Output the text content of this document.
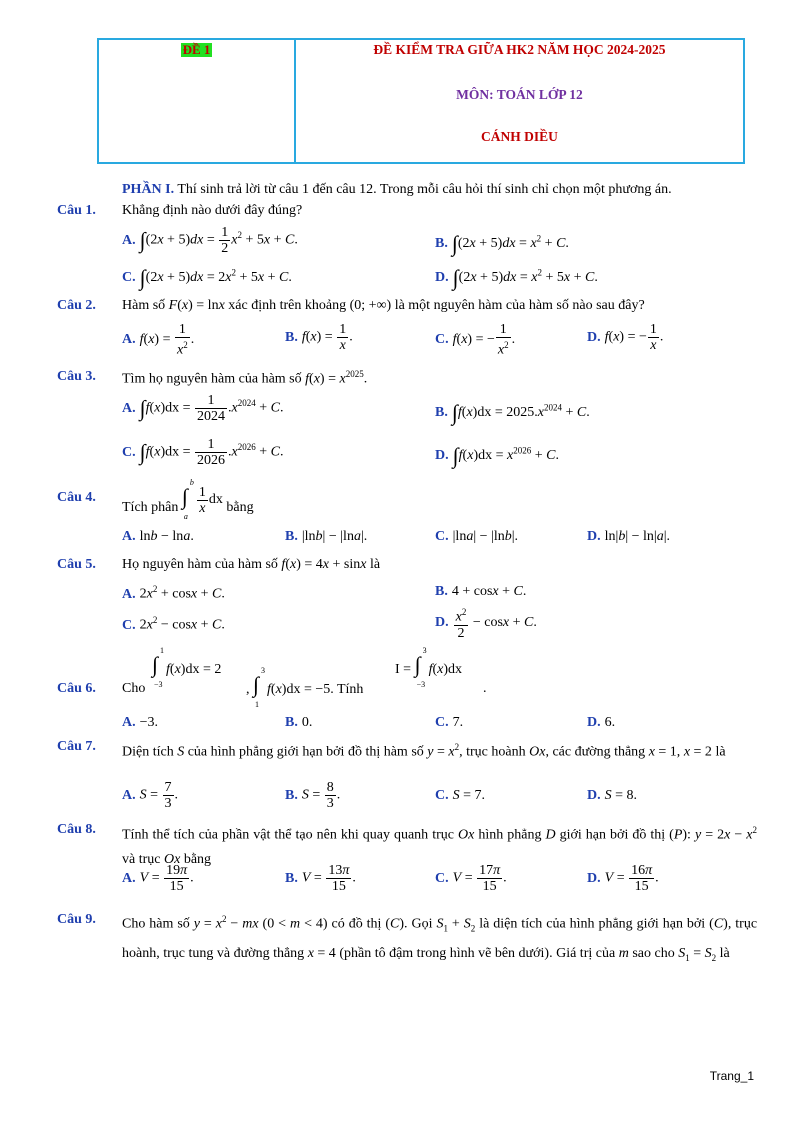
ĐỀ 1	ĐỀ KIỂM TRA GIỮA HK2 NĂM HỌC 2024-2025
MÔN: TOÁN LỚP 12
CÁNH DIỀU
PHẦN I. Thí sinh trả lời từ câu 1 đến câu 12. Trong mỗi câu hỏi thí sinh chỉ chọn một phương án.
Câu 1. Khẳng định nào dưới đây đúng?
A. $\int(2x + 5)dx = \frac{1}{2} x^2 + 5x + C$.	B. $\int(2x + 5)dx = x^2 + C$.
C. $\int(2x + 5)dx = 2x^2 + 5x + C$.	D. $\int(2x + 5)dx = x^2 + 5x + C$.
Câu 2. Hàm số F(x) = lnx xác định trên khoảng (0; +∞) là một nguyên hàm của hàm số nào sau đây?
A. $f(x) = \frac{1}{x^2}$ .	B. $f(x) = \frac{1}{x}$ .	C. f(x) = − $\frac{1}{x^2}$ .	D. f(x) = − $\frac{1}{x}$ .
Câu 3. Tìm họ nguyên hàm của hàm số $f(x) = x^{2025}$.
A. $\int f(x)dx = \frac{1}{2024} .x^{2024} + C$.	B. $\int f(x)dx = 2025.x^{2024} + C$.
C. $\int f(x)dx = \frac{1}{2026} .x^{2026} + C$.	D. $\int f(x)dx = x^{2026} + C$.
Câu 4.
Tích phân
b
∫
a
$\frac{1}{x}$ dx bằng
A. lnb − lna.	B. |lnb| − |lna|.	C. |lna| − |lnb|.	D. ln|b| − ln|a|.
Câu 5. Họ nguyên hàm của hàm số f(x) = 4x + sinx là
A. $2x^2 + \cos x + C$.	B. 4 + cosx + C.
C. $2x^2 - \cos x + C$.	D. $\frac{x^2}{2} - \cos x + C$.
Câu 6. Cho
1
∫
−3
f(x)dx = 2
,
3
∫
1
f(x)dx = −5. Tính
I =
3
∫
−3
f(x)dx
.
A. −3.	B. 0.	C. 7.	D. 6.
Câu 7. Diện tích S của hình phẳng giới hạn bởi đồ thị hàm số $y = x^2$, trục hoành Ox, các đường thẳng x = 1, x = 2 là
A. $S = \frac{7}{3}$ .	B. $S = \frac{8}{3}$ .	C. S = 7.	D. S = 8.
Câu 8. Tính thể tích của phần vật thể tạo nên khi quay quanh trục Ox hình phẳng D giới hạn bởi đồ thị (P): $y = 2x - x^2$ và trục Ox bằng
A. $V = \frac{19\pi}{15}$ .	B. $V = \frac{13\pi}{15}$ .	C. $V = \frac{17\pi}{15}$ .	D. $V = \frac{16\pi}{15}$ .
Câu 9. Cho hàm số $y = x^2$ − mx (0 < m < 4) có đồ thị (C). Gọi $S_1 + S_2$ là diện tích của hình phẳng giới hạn bởi (C), trục hoành, trục tung và đường thẳng x = 4 (phần tô đậm trong hình vẽ bên dưới). Giá trị của m sao cho $S_1 = S_2$ là
Trang_1
